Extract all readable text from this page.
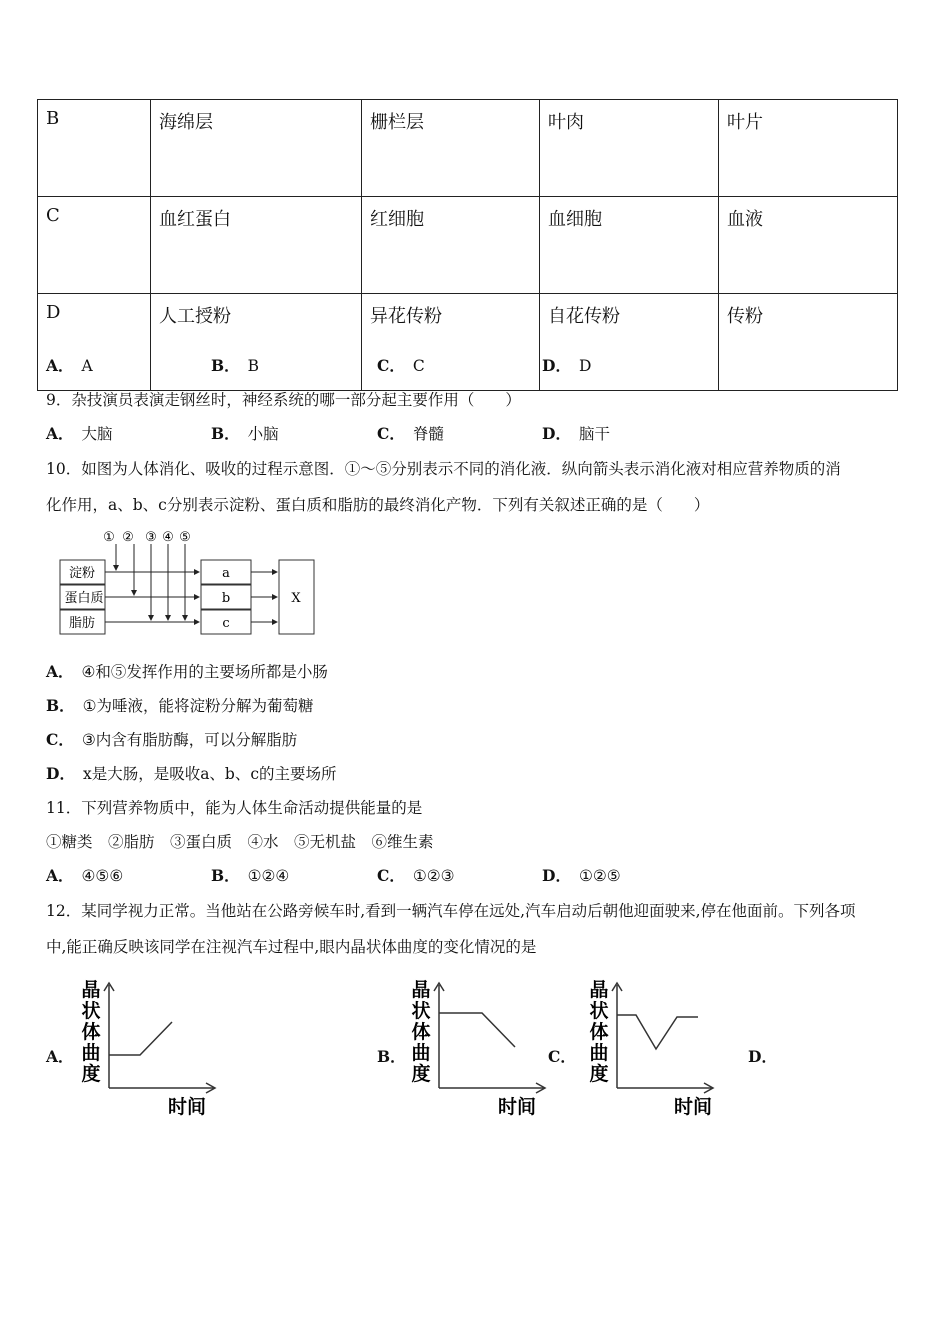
B	海绵层	栅栏层	叶肉	叶片
C	血红蛋白	红细胞	血细胞	血液
D	人工授粉	异花传粉	自花传粉	传粉
A． A	B． B	C． C	D． D
9．杂技演员表演走钢丝时，神经系统的哪一部分起主要作用（　　）
A． 大脑	B． 小脑	C． 脊髓	D． 脑干
10．如图为人体消化、吸收的过程示意图．①～⑤分别表示不同的消化液．纵向箭头表示消化液对相应营养物质的消
化作用，a、b、c分别表示淀粉、蛋白质和脂肪的最终消化产物．下列有关叙述正确的是（　　）
① ② ③ ④ ⑤
淀粉
蛋白质
脂肪
a
b
c
X
A． ④和⑤发挥作用的主要场所都是小肠
B． ①为唾液，能将淀粉分解为葡萄糖
C． ③内含有脂肪酶，可以分解脂肪
D． x是大肠，是吸收a、b、c的主要场所
11．下列营养物质中，能为人体生命活动提供能量的是
①糖类　②脂肪　③蛋白质　④水　⑤无机盐　⑥维生素
A． ④⑤⑥	B． ①②④	C． ①②③	D． ①②⑤
12．某同学视力正常。当他站在公路旁候车时,看到一辆汽车停在远处,汽车启动后朝他迎面驶来,停在他面前。下列各项
中,能正确反映该同学在注视汽车过程中,眼内晶状体曲度的变化情况的是
A．	B．	C．	D．
晶
状
体
曲
度
时间
晶
状
体
曲
度
时间
晶
状
体
曲
度
时间
